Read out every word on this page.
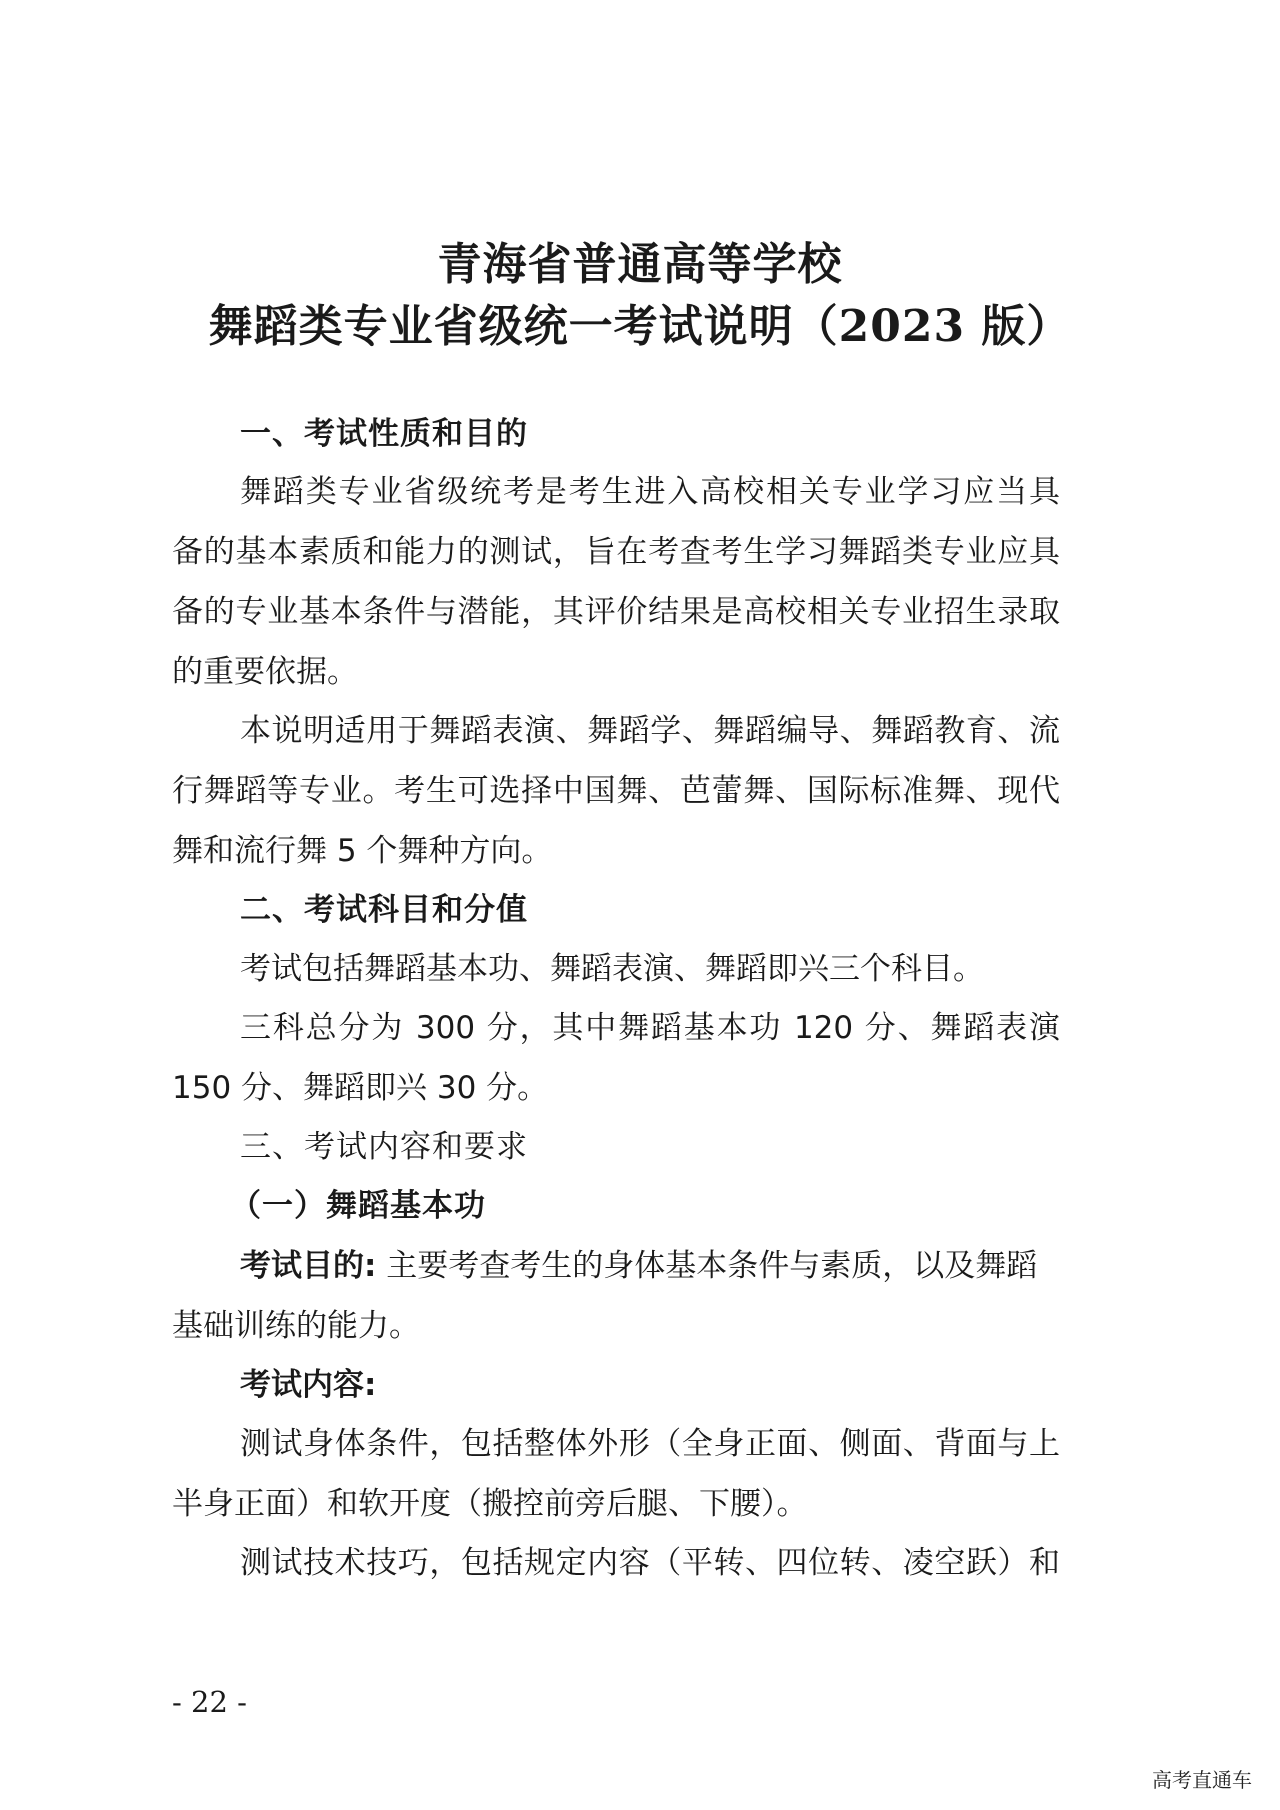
青海省普通高等学校
舞蹈类专业省级统一考试说明（2023 版）
一、考试性质和目的
舞蹈类专业省级统考是考生进入高校相关专业学习应当具
备的基本素质和能力的测试，旨在考查考生学习舞蹈类专业应具
备的专业基本条件与潜能，其评价结果是高校相关专业招生录取
的重要依据。
本说明适用于舞蹈表演、舞蹈学、舞蹈编导、舞蹈教育、流
行舞蹈等专业。考生可选择中国舞、芭蕾舞、国际标准舞、现代
舞和流行舞 5 个舞种方向。
二、考试科目和分值
考试包括舞蹈基本功、舞蹈表演、舞蹈即兴三个科目。
三科总分为 300 分，其中舞蹈基本功 120 分、舞蹈表演
150 分、舞蹈即兴 30 分。
三、考试内容和要求
（一）舞蹈基本功
考试目的: 主要考查考生的身体基本条件与素质，以及舞蹈
基础训练的能力。
考试内容:
测试身体条件，包括整体外形（全身正面、侧面、背面与上
半身正面）和软开度（搬控前旁后腿、下腰）。
测试技术技巧，包括规定内容（平转、四位转、凌空跃）和
- 22 -
高考直通车
